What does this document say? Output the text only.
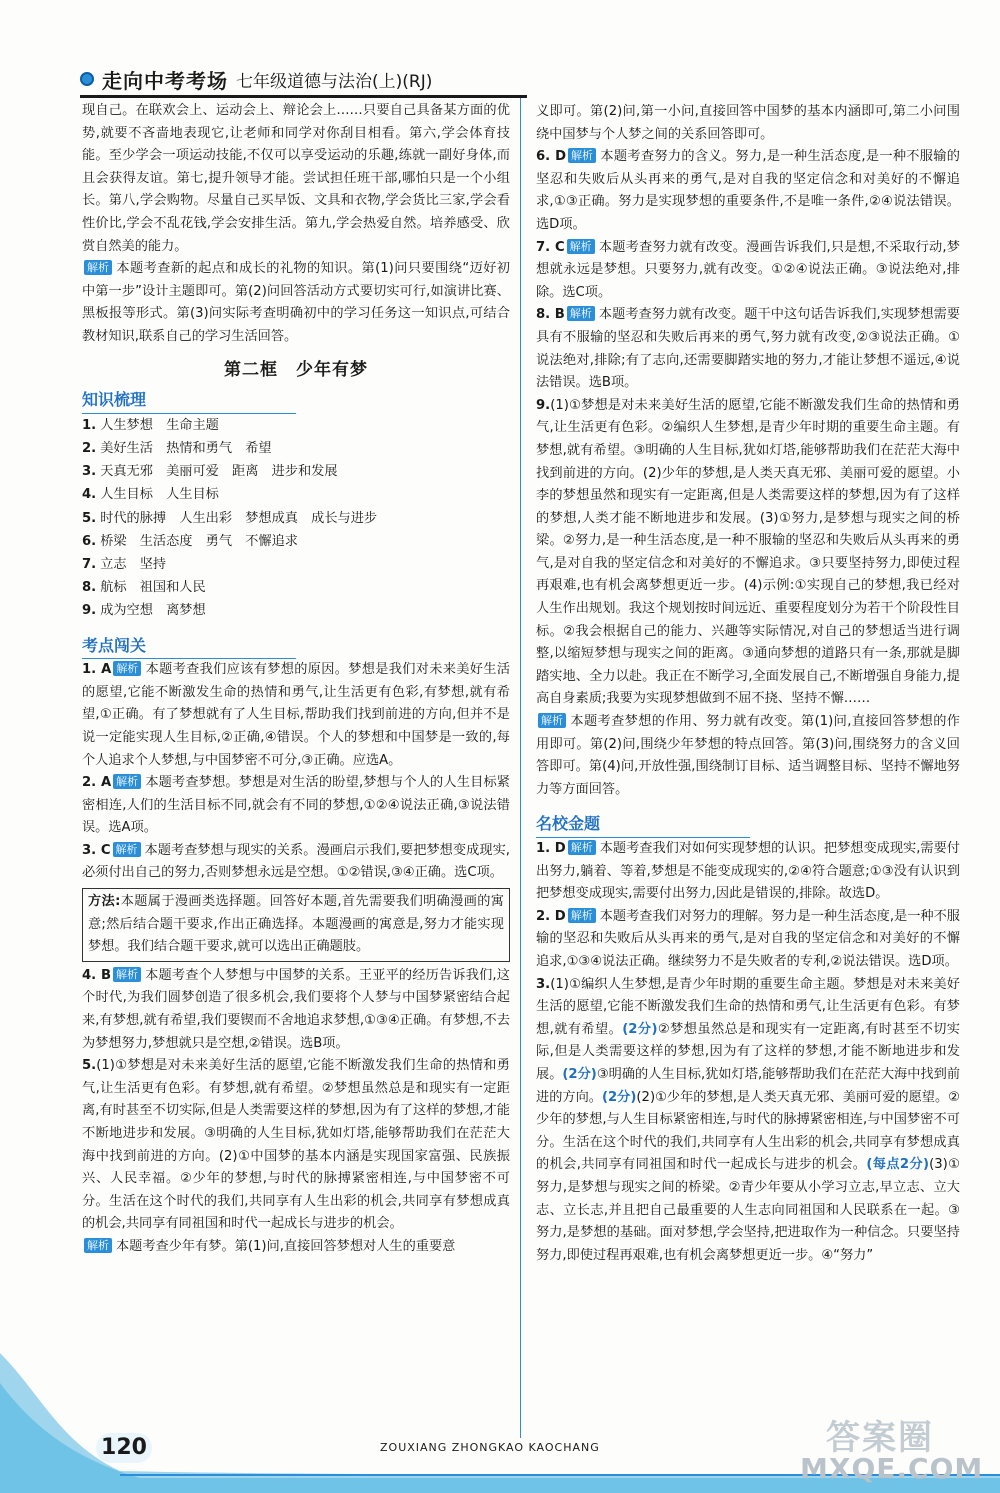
走向中考考场 七年级道德与法治(上)(RJ)

现自己。在联欢会上、运动会上、辩论会上……只要自己具备某方面的优势,就要不吝啬地表现它,让老师和同学对你刮目相看。第六,学会体育技能。至少学会一项运动技能,不仅可以享受运动的乐趣,练就一副好身体,而且会获得友谊。第七,提升领导才能。尝试担任班干部,哪怕只是一个小组长。第八,学会购物。尽量自己买早饭、文具和衣物,学会货比三家,学会看性价比,学会不乱花钱,学会安排生活。第九,学会热爱自然。培养感受、欣赏自然美的能力。

解析 本题考查新的起点和成长的礼物的知识。第(1)问只要围绕“迈好初中第一步”设计主题即可。第(2)问回答活动方式要切实可行,如演讲比赛、黑板报等形式。第(3)问实际考查明确初中的学习任务这一知识点,可结合教材知识,联系自己的学习生活回答。

第二框　少年有梦
知识梳理
1. 人生梦想　生命主题
2. 美好生活　热情和勇气　希望
3. 天真无邪　美丽可爱　距离　进步和发展
4. 人生目标　人生目标
5. 时代的脉搏　人生出彩　梦想成真　成长与进步
6. 桥梁　生活态度　勇气　不懈追求
7. 立志　坚持
8. 航标　祖国和人民
9. 成为空想　离梦想
考点闯关

1. A 解析 本题考查我们应该有梦想的原因。梦想是我们对未来美好生活的愿望,它能不断激发生命的热情和勇气,让生活更有色彩,有梦想,就有希望,①正确。有了梦想就有了人生目标,帮助我们找到前进的方向,但并不是说一定能实现人生目标,②正确,④错误。个人的梦想和中国梦是一致的,每个人追求个人梦想,与中国梦密不可分,③正确。应选A。

2. A 解析 本题考查梦想。梦想是对生活的盼望,梦想与个人的人生目标紧密相连,人们的生活目标不同,就会有不同的梦想,①②④说法正确,③说法错误。选A项。

3. C 解析 本题考查梦想与现实的关系。漫画启示我们,要把梦想变成现实,必须付出自己的努力,否则梦想永远是空想。①②错误,③④正确。选C项。

方法:本题属于漫画类选择题。回答好本题,首先需要我们明确漫画的寓意;然后结合题干要求,作出正确选择。本题漫画的寓意是,努力才能实现梦想。我们结合题干要求,就可以选出正确题肢。

4. B 解析 本题考查个人梦想与中国梦的关系。王亚平的经历告诉我们,这个时代,为我们圆梦创造了很多机会,我们要将个人梦与中国梦紧密结合起来,有梦想,就有希望,我们要锲而不舍地追求梦想,①③④正确。有梦想,不去为梦想努力,梦想就只是空想,②错误。选B项。

5.(1)①梦想是对未来美好生活的愿望,它能不断激发我们生命的热情和勇气,让生活更有色彩。有梦想,就有希望。②梦想虽然总是和现实有一定距离,有时甚至不切实际,但是人类需要这样的梦想,因为有了这样的梦想,才能不断地进步和发展。③明确的人生目标,犹如灯塔,能够帮助我们在茫茫大海中找到前进的方向。(2)①中国梦的基本内涵是实现国家富强、民族振兴、人民幸福。②少年的梦想,与时代的脉搏紧密相连,与中国梦密不可分。生活在这个时代的我们,共同享有人生出彩的机会,共同享有梦想成真的机会,共同享有同祖国和时代一起成长与进步的机会。

解析 本题考查少年有梦。第(1)问,直接回答梦想对人生的重要意

义即可。第(2)问,第一小问,直接回答中国梦的基本内涵即可,第二小问围绕中国梦与个人梦之间的关系回答即可。

6. D 解析 本题考查努力的含义。努力,是一种生活态度,是一种不服输的坚忍和失败后从头再来的勇气,是对自我的坚定信念和对美好的不懈追求,①③正确。努力是实现梦想的重要条件,不是唯一条件,②④说法错误。选D项。

7. C 解析 本题考查努力就有改变。漫画告诉我们,只是想,不采取行动,梦想就永远是梦想。只要努力,就有改变。①②④说法正确。③说法绝对,排除。选C项。

8. B 解析 本题考查努力就有改变。题干中这句话告诉我们,实现梦想需要具有不服输的坚忍和失败后再来的勇气,努力就有改变,②③说法正确。①说法绝对,排除;有了志向,还需要脚踏实地的努力,才能让梦想不遥远,④说法错误。选B项。

9.(1)①梦想是对未来美好生活的愿望,它能不断激发我们生命的热情和勇气,让生活更有色彩。②编织人生梦想,是青少年时期的重要生命主题。有梦想,就有希望。③明确的人生目标,犹如灯塔,能够帮助我们在茫茫大海中找到前进的方向。(2)少年的梦想,是人类天真无邪、美丽可爱的愿望。小李的梦想虽然和现实有一定距离,但是人类需要这样的梦想,因为有了这样的梦想,人类才能不断地进步和发展。(3)①努力,是梦想与现实之间的桥梁。②努力,是一种生活态度,是一种不服输的坚忍和失败后从头再来的勇气,是对自我的坚定信念和对美好的不懈追求。③只要坚持努力,即使过程再艰难,也有机会离梦想更近一步。(4)示例:①实现自己的梦想,我已经对人生作出规划。我这个规划按时间远近、重要程度划分为若干个阶段性目标。②我会根据自己的能力、兴趣等实际情况,对自己的梦想适当进行调整,以缩短梦想与现实之间的距离。③通向梦想的道路只有一条,那就是脚踏实地、全力以赴。我正在不断学习,全面发展自己,不断增强自身能力,提高自身素质;我要为实现梦想做到不屈不挠、坚持不懈……

解析 本题考查梦想的作用、努力就有改变。第(1)问,直接回答梦想的作用即可。第(2)问,围绕少年梦想的特点回答。第(3)问,围绕努力的含义回答即可。第(4)问,开放性强,围绕制订目标、适当调整目标、坚持不懈地努力等方面回答。

名校金题

1. D 解析 本题考查我们对如何实现梦想的认识。把梦想变成现实,需要付出努力,躺着、等着,梦想是不能变成现实的,②④符合题意;①③没有认识到把梦想变成现实,需要付出努力,因此是错误的,排除。故选D。

2. D 解析 本题考查我们对努力的理解。努力是一种生活态度,是一种不服输的坚忍和失败后从头再来的勇气,是对自我的坚定信念和对美好的不懈追求,①③④说法正确。继续努力不是失败者的专利,②说法错误。选D项。

3.(1)①编织人生梦想,是青少年时期的重要生命主题。梦想是对未来美好生活的愿望,它能不断激发我们生命的热情和勇气,让生活更有色彩。有梦想,就有希望。(2分)②梦想虽然总是和现实有一定距离,有时甚至不切实际,但是人类需要这样的梦想,因为有了这样的梦想,才能不断地进步和发展。(2分)③明确的人生目标,犹如灯塔,能够帮助我们在茫茫大海中找到前进的方向。(2分)(2)①少年的梦想,是人类天真无邪、美丽可爱的愿望。②少年的梦想,与人生目标紧密相连,与时代的脉搏紧密相连,与中国梦密不可分。生活在这个时代的我们,共同享有人生出彩的机会,共同享有梦想成真的机会,共同享有同祖国和时代一起成长与进步的机会。(每点2分)(3)①努力,是梦想与现实之间的桥梁。②青少年要从小学习立志,早立志、立大志、立长志,并且把自己最重要的人生志向同祖国和人民联系在一起。③努力,是梦想的基础。面对梦想,学会坚持,把进取作为一种信念。只要坚持努力,即使过程再艰难,也有机会离梦想更近一步。④“努力”

120	ZOUXIANG ZHONGKAO KAOCHANG	答案圈
MXQE.COM
